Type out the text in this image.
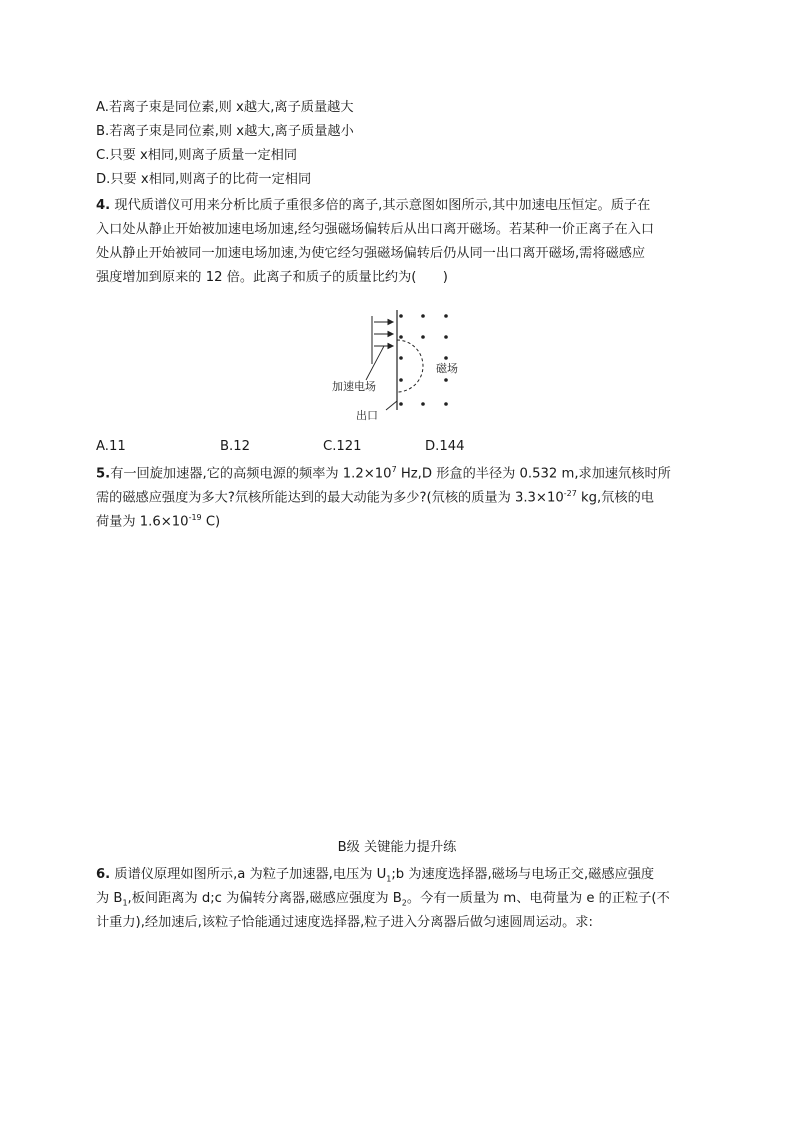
A.若离子束是同位素,则 x越大,离子质量越大
B.若离子束是同位素,则 x越大,离子质量越小
C.只要 x相同,则离子质量一定相同
D.只要 x相同,则离子的比荷一定相同
4. 现代质谱仪可用来分析比质子重很多倍的离子,其示意图如图所示,其中加速电压恒定。质子在
入口处从静止开始被加速电场加速,经匀强磁场偏转后从出口离开磁场。若某种一价正离子在入口
处从静止开始被同一加速电场加速,为使它经匀强磁场偏转后仍从同一出口离开磁场,需将磁感应
强度增加到原来的 12 倍。此离子和质子的质量比约为(　　)
加速电场
磁场
出口
A.11	B.12	C.121	D.144
5.有一回旋加速器,它的高频电源的频率为 $1.2\times 10^7$ Hz,D 形盒的半径为 0.532 m,求加速氘核时所
需的磁感应强度为多大?氘核所能达到的最大动能为多少?(氘核的质量为 $3.3\times 10^{-27}$ kg,氘核的电
荷量为 $1.6\times 10^{-19}$ C)
B级 关键能力提升练
6. 质谱仪原理如图所示,a 为粒子加速器,电压为 $U_1;b$ 为速度选择器,磁场与电场正交,磁感应强度
为 $B_1$,板间距离为 d;c 为偏转分离器,磁感应强度为 $B_2$。今有一质量为 m、电荷量为 e 的正粒子(不
计重力),经加速后,该粒子恰能通过速度选择器,粒子进入分离器后做匀速圆周运动。求:
